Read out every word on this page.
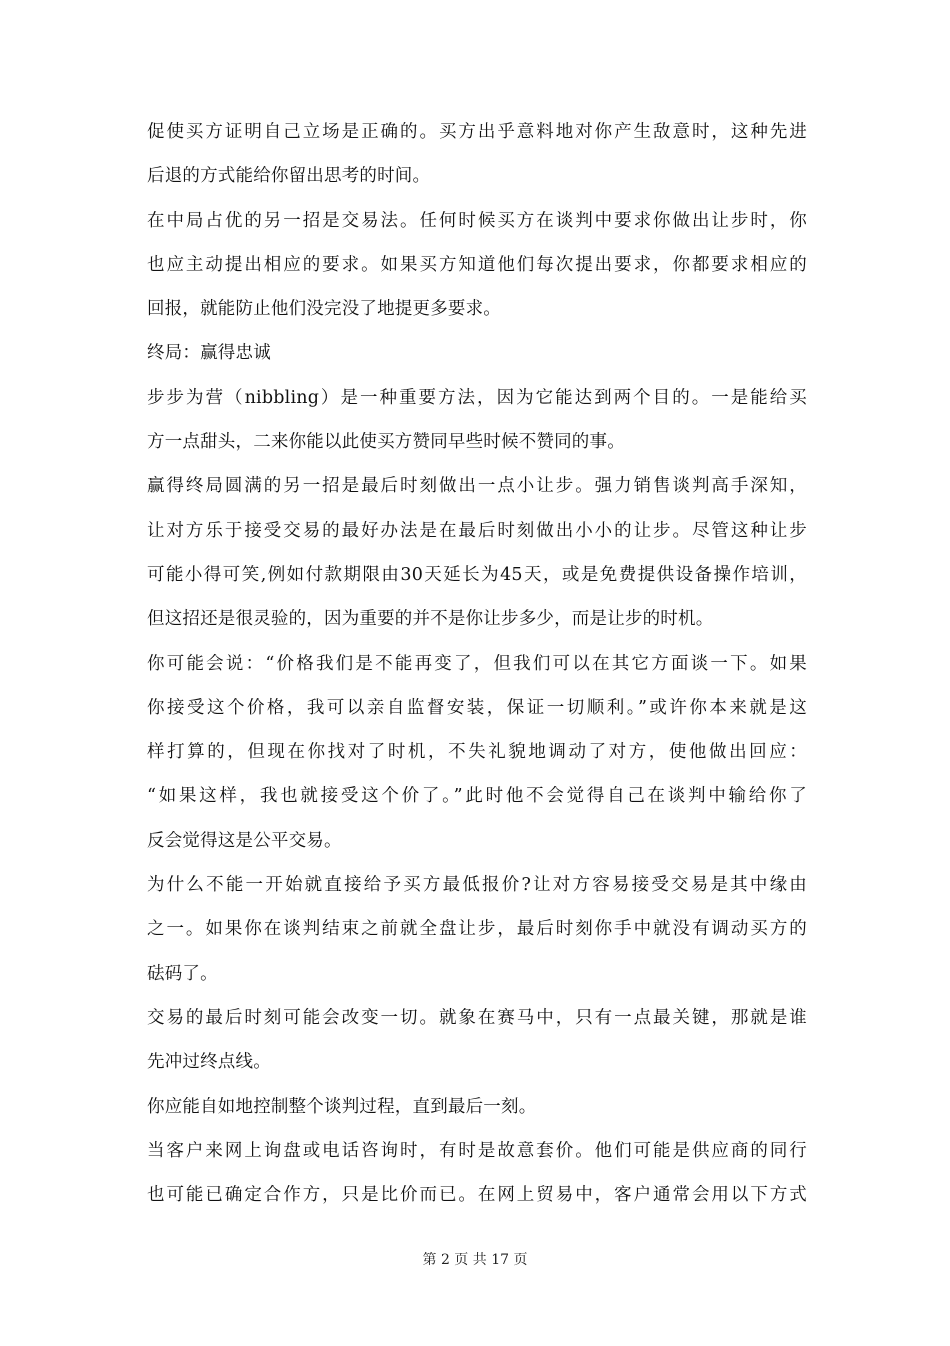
促使买方证明自己立场是正确的。买方出乎意料地对你产生敌意时，这种先进
后退的方式能给你留出思考的时间。
在中局占优的另一招是交易法。任何时候买方在谈判中要求你做出让步时，你
也应主动提出相应的要求。如果买方知道他们每次提出要求，你都要求相应的
回报，就能防止他们没完没了地提更多要求。
终局：赢得忠诚
步步为营（nibbling）是一种重要方法，因为它能达到两个目的。一是能给买
方一点甜头，二来你能以此使买方赞同早些时候不赞同的事。
赢得终局圆满的另一招是最后时刻做出一点小让步。强力销售谈判高手深知，
让对方乐于接受交易的最好办法是在最后时刻做出小小的让步。尽管这种让步
可能小得可笑,例如付款期限由30天延长为45天，或是免费提供设备操作培训，
但这招还是很灵验的，因为重要的并不是你让步多少，而是让步的时机。
你可能会说：“价格我们是不能再变了，但我们可以在其它方面谈一下。如果
你接受这个价格，我可以亲自监督安装，保证一切顺利。”或许你本来就是这
样打算的，但现在你找对了时机，不失礼貌地调动了对方，使他做出回应：
“如果这样，我也就接受这个价了。”此时他不会觉得自己在谈判中输给你了
反会觉得这是公平交易。
为什么不能一开始就直接给予买方最低报价?让对方容易接受交易是其中缘由
之一。如果你在谈判结束之前就全盘让步，最后时刻你手中就没有调动买方的
砝码了。
交易的最后时刻可能会改变一切。就象在赛马中，只有一点最关键，那就是谁
先冲过终点线。
你应能自如地控制整个谈判过程，直到最后一刻。
当客户来网上询盘或电话咨询时，有时是故意套价。他们可能是供应商的同行
也可能已确定合作方，只是比价而已。在网上贸易中，客户通常会用以下方式
第 2 页 共 17 页
